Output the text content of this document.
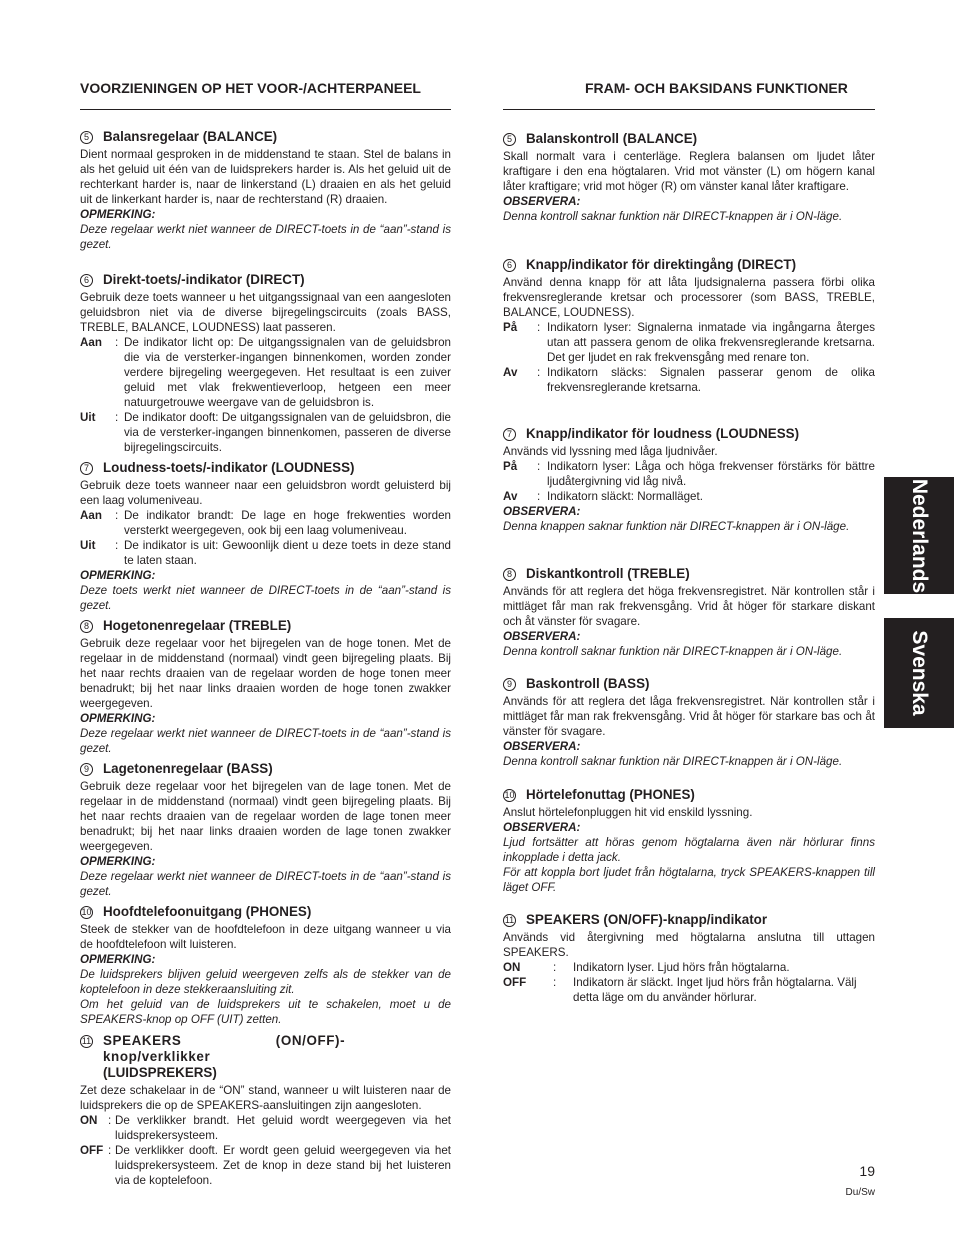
VOORZIENINGEN OP HET VOOR-/ACHTERPANEEL	FRAM- OCH BAKSIDANS FUNKTIONER
5 Balansregelaar (BALANCE)
Dient normaal gesproken in de middenstand te staan. Stel de balans in als het geluid uit één van de luidsprekers harder is. Als het geluid uit de rechterkant harder is, naar de linkerstand (L) draaien en als het geluid uit de linkerkant harder is, naar de rechterstand (R) draaien.
OPMERKING:
Deze regelaar werkt niet wanneer de DIRECT-toets in de “aan”-stand is gezet.
6 Direkt-toets/-indikator (DIRECT)
Gebruik deze toets wanneer u het uitgangssignaal van een aangesloten geluidsbron niet via de diverse bijregelingscircuits (zoals BASS, TREBLE, BALANCE, LOUDNESS) laat passeren.
Aan	: De indikator licht op: De uitgangssignalen van de geluidsbron die via de versterker-ingangen binnenkomen, worden zonder verdere bijregeling weergegeven. Het resultaat is een zuiver geluid met vlak frekwentieverloop, hetgeen een meer natuurgetrouwe weergave van de geluidsbron is.
Uit	: De indikator dooft: De uitgangssignalen van de geluidsbron, die via de versterker-ingangen binnenkomen, passeren de diverse bijregelingscircuits.
7 Loudness-toets/-indikator (LOUDNESS)
Gebruik deze toets wanneer naar een geluidsbron wordt geluisterd bij een laag volumeniveau.
Aan	: De indikator brandt: De lage en hoge frekwenties worden versterkt weergegeven, ook bij een laag volumeniveau.
Uit	: De indikator is uit: Gewoonlijk dient u deze toets in deze stand te laten staan.
OPMERKING:
Deze toets werkt niet wanneer de DIRECT-toets in de “aan”-stand is gezet.
8 Hogetonenregelaar (TREBLE)
Gebruik deze regelaar voor het bijregelen van de hoge tonen. Met de regelaar in de middenstand (normaal) vindt geen bijregeling plaats. Bij het naar rechts draaien van de regelaar worden de hoge tonen meer benadrukt; bij het naar links draaien worden de hoge tonen zwakker weergegeven.
OPMERKING:
Deze regelaar werkt niet wanneer de DIRECT-toets in de “aan”-stand is gezet.
9 Lagetonenregelaar (BASS)
Gebruik deze regelaar voor het bijregelen van de lage tonen. Met de regelaar in de middenstand (normaal) vindt geen bijregeling plaats. Bij het naar rechts draaien van de regelaar worden de lage tonen meer benadrukt; bij het naar links draaien worden de lage tonen zwakker weergegeven.
OPMERKING:
Deze regelaar werkt niet wanneer de DIRECT-toets in de “aan”-stand is gezet.
10 Hoofdtelefoonuitgang (PHONES)
Steek de stekker van de hoofdtelefoon in deze uitgang wanneer u via de hoofdtelefoon wilt luisteren.
OPMERKING:
De luidsprekers blijven geluid weergeven zelfs als de stekker van de koptelefoon in deze stekkeraansluiting zit.
Om het geluid van de luidsprekers uit te schakelen, moet u de SPEAKERS-knop op OFF (UIT) zetten.
11 SPEAKERS (ON/OFF)-knop/verklikker
(LUIDSPREKERS)
Zet deze schakelaar in de “ON” stand, wanneer u wilt luisteren naar de luidsprekers die op de SPEAKERS-aansluitingen zijn aangesloten.
ON : De verklikker brandt. Het geluid wordt weergegeven via het luidsprekersysteem.
OFF : De verklikker dooft. Er wordt geen geluid weergegeven via het luidsprekersysteem. Zet de knop in deze stand bij het luisteren via de koptelefoon.
5 Balanskontroll (BALANCE)
Skall normalt vara i centerläge. Reglera balansen om ljudet låter kraftigare i den ena högtalaren. Vrid mot vänster (L) om högern kanal låter kraftigare; vrid mot höger (R) om vänster kanal låter kraftigare.
OBSERVERA:
Denna kontroll saknar funktion när DIRECT-knappen är i ON-läge.
6 Knapp/indikator för direktingång (DIRECT)
Använd denna knapp för att låta ljudsignalerna passera förbi olika frekvensreglerande kretsar och processorer (som BASS, TREBLE, BALANCE, LOUDNESS).
På	: Indikatorn lyser: Signalerna inmatade via ingångarna återges utan att passera genom de olika frekvensreglerande kretsarna. Det ger ljudet en rak frekvensgång med renare ton.
Av	: Indikatorn släcks: Signalen passerar genom de olika frekvensreglerande kretsarna.
7 Knapp/indikator för loudness (LOUDNESS)
Används vid lyssning med låga ljudnivåer.
På	: Indikatorn lyser: Låga och höga frekvenser förstärks för bättre ljudåtergivning vid låg nivå.
Av	: Indikatorn släckt: Normalläget.
OBSERVERA:
Denna knappen saknar funktion när DIRECT-knappen är i ON-läge.
8 Diskantkontroll (TREBLE)
Används för att reglera det höga frekvensregistret. När kontrollen står i mittläget får man rak frekvensgång. Vrid åt höger för starkare diskant och åt vänster för svagare.
OBSERVERA:
Denna kontroll saknar funktion när DIRECT-knappen är i ON-läge.
9 Baskontroll (BASS)
Används för att reglera det låga frekvensregistret. När kontrollen står i mittläget får man rak frekvensgång. Vrid åt höger för starkare bas och åt vänster för svagare.
OBSERVERA:
Denna kontroll saknar funktion när DIRECT-knappen är i ON-läge.
10 Hörtelefonuttag (PHONES)
Anslut hörtelefonpluggen hit vid enskild lyssning.
OBSERVERA:
Ljud fortsätter att höras genom högtalarna även när hörlurar finns inkopplade i detta jack.
För att koppla bort ljudet från högtalarna, tryck SPEAKERS-knappen till läget OFF.
11 SPEAKERS (ON/OFF)-knapp/indikator
Används vid återgivning med högtalarna anslutna till uttagen SPEAKERS.
ON	:	Indikatorn lyser. Ljud hörs från högtalarna.
OFF	:	Indikatorn är släckt. Inget ljud hörs från högtalarna. Välj detta läge om du använder hörlurar.
Nederlands
Svenska
19
Du/Sw
